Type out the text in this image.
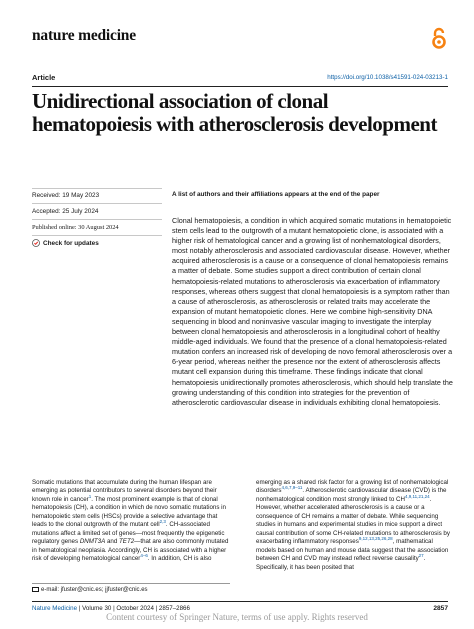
nature medicine
Article	https://doi.org/10.1038/s41591-024-03213-1
Unidirectional association of clonal hematopoiesis with atherosclerosis development
Received: 19 May 2023
Accepted: 25 July 2024
Published online: 30 August 2024
Check for updates
A list of authors and their affiliations appears at the end of the paper

Clonal hematopoiesis, a condition in which acquired somatic mutations in hematopoietic stem cells lead to the outgrowth of a mutant hematopoietic clone, is associated with a higher risk of hematological cancer and a growing list of nonhematological disorders, most notably atherosclerosis and associated cardiovascular disease. However, whether acquired atherosclerosis is a cause or a consequence of clonal hematopoiesis remains a matter of debate. Some studies support a direct contribution of certain clonal hematopoiesis-related mutations to atherosclerosis via exacerbation of inflammatory responses, whereas others suggest that clonal hematopoiesis is a symptom rather than a cause of atherosclerosis, as atherosclerosis or related traits may accelerate the expansion of mutant hematopoietic clones. Here we combine high-sensitivity DNA sequencing in blood and noninvasive vascular imaging to investigate the interplay between clonal hematopoiesis and atherosclerosis in a longitudinal cohort of healthy middle-aged individuals. We found that the presence of a clonal hematopoiesis-related mutation confers an increased risk of developing de novo femoral atherosclerosis over a 6-year period, whereas neither the presence nor the extent of atherosclerosis affects mutant cell expansion during this timeframe. These findings indicate that clonal hematopoiesis unidirectionally promotes atherosclerosis, which should help translate the growing understanding of this condition into strategies for the prevention of atherosclerotic cardiovascular disease in individuals exhibiting clonal hematopoiesis.

Somatic mutations that accumulate during the human lifespan are emerging as potential contributors to several disorders beyond their known role in cancer$^1$. The most prominent example is that of clonal hematopoiesis (CH), a condition in which de novo somatic mutations in hematopoietic stem cells (HSCs) provide a selective advantage that leads to the clonal outgrowth of the mutant cell$^{2,3}$. CH-associated mutations affect a limited set of genes—most frequently the epigenetic regulatory genes DNMT3A and TET2—that are also commonly mutated in hematological neoplasia. Accordingly, CH is associated with a higher risk of developing hematological cancer$^{4-6}$. In addition, CH is also

emerging as a shared risk factor for a growing list of nonhematological disorders$^{4,6,7,9-11}$. Atherosclerotic cardiovascular disease (CVD) is the nonhematological condition most strongly linked to CH$^{4,9,11,21,24}$. However, whether accelerated atherosclerosis is a cause or a consequence of CH remains a matter of debate. While sequencing studies in humans and experimental studies in mice support a direct causal contribution of some CH-related mutations to atherosclerosis by exacerbating inflammatory responses$^{9,12,13,25,26,28}$, mathematical models based on human and mouse data suggest that the association between CH and CVD may instead reflect reverse causality$^{27}$. Specifically, it has been posited that

e-mail: jfuster@cnic.es; jjfuster@cnic.es
Nature Medicine | Volume 30 | October 2024 | 2857–2866	2857
Content courtesy of Springer Nature, terms of use apply. Rights reserved
